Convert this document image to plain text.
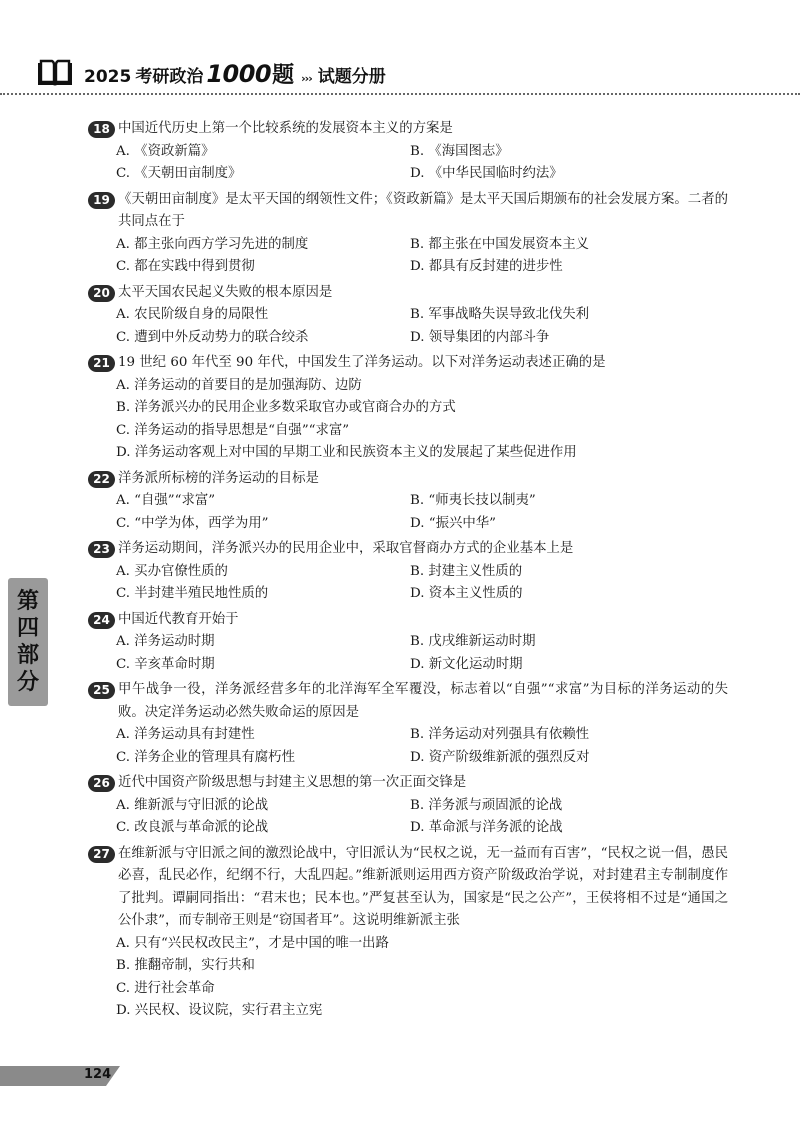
2025 考研政治 1000 题 ››› 试题分册
第
四
部
分
18 中国近代历史上第一个比较系统的发展资本主义的方案是
A. 《资政新篇》	B. 《海国图志》
C. 《天朝田亩制度》	D. 《中华民国临时约法》
19 《天朝田亩制度》是太平天国的纲领性文件；《资政新篇》是太平天国后期颁布的社会发展方案。二者的共同点在于
A. 都主张向西方学习先进的制度	B. 都主张在中国发展资本主义
C. 都在实践中得到贯彻	D. 都具有反封建的进步性
20 太平天国农民起义失败的根本原因是
A. 农民阶级自身的局限性	B. 军事战略失误导致北伐失利
C. 遭到中外反动势力的联合绞杀	D. 领导集团的内部斗争
21 19 世纪 60 年代至 90 年代，中国发生了洋务运动。以下对洋务运动表述正确的是
A. 洋务运动的首要目的是加强海防、边防
B. 洋务派兴办的民用企业多数采取官办或官商合办的方式
C. 洋务运动的指导思想是“自强”“求富”
D. 洋务运动客观上对中国的早期工业和民族资本主义的发展起了某些促进作用
22 洋务派所标榜的洋务运动的目标是
A. “自强”“求富”	B. “师夷长技以制夷”
C. “中学为体，西学为用”	D. “振兴中华”
23 洋务运动期间，洋务派兴办的民用企业中，采取官督商办方式的企业基本上是
A. 买办官僚性质的	B. 封建主义性质的
C. 半封建半殖民地性质的	D. 资本主义性质的
24 中国近代教育开始于
A. 洋务运动时期	B. 戊戌维新运动时期
C. 辛亥革命时期	D. 新文化运动时期
25 甲午战争一役，洋务派经营多年的北洋海军全军覆没，标志着以“自强”“求富”为目标的洋务运动的失败。决定洋务运动必然失败命运的原因是
A. 洋务运动具有封建性	B. 洋务运动对列强具有依赖性
C. 洋务企业的管理具有腐朽性	D. 资产阶级维新派的强烈反对
26 近代中国资产阶级思想与封建主义思想的第一次正面交锋是
A. 维新派与守旧派的论战	B. 洋务派与顽固派的论战
C. 改良派与革命派的论战	D. 革命派与洋务派的论战
27 在维新派与守旧派之间的激烈论战中，守旧派认为“民权之说，无一益而有百害”，“民权之说一倡，愚民必喜，乱民必作，纪纲不行，大乱四起。”维新派则运用西方资产阶级政治学说，对封建君主专制制度作了批判。谭嗣同指出：“君末也；民本也。”严复甚至认为，国家是“民之公产”，王侯将相不过是“通国之公仆隶”，而专制帝王则是“窃国者耳”。这说明维新派主张
A. 只有“兴民权改民主”，才是中国的唯一出路
B. 推翻帝制，实行共和
C. 进行社会革命
D. 兴民权、设议院，实行君主立宪
124
